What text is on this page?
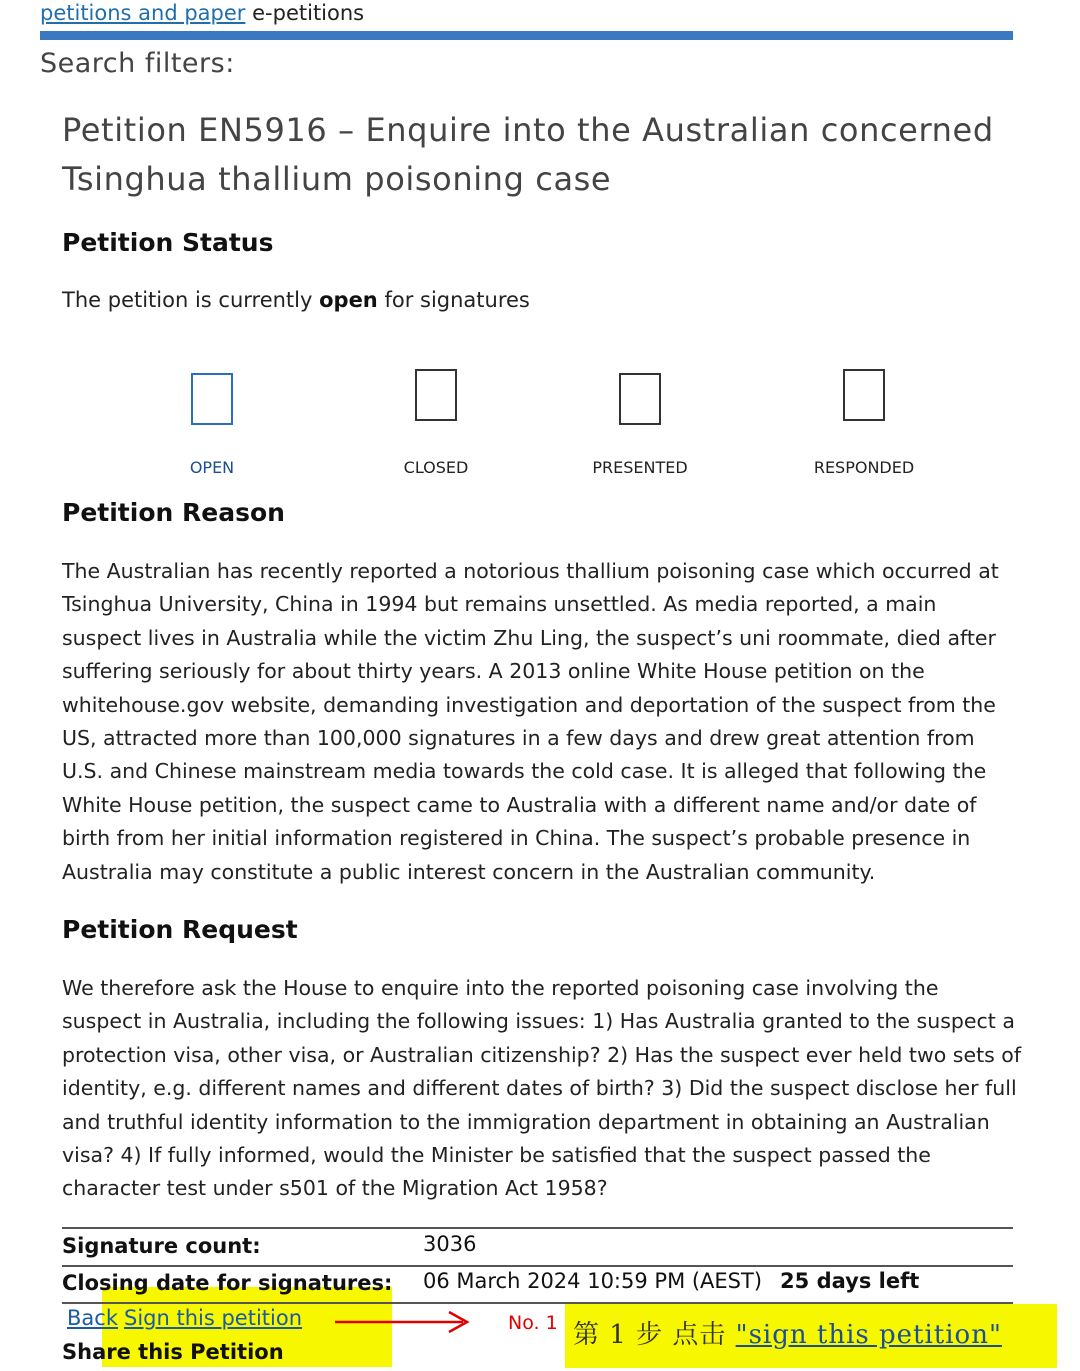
petitions and paper e-petitions
Search filters:
Petition EN5916 – Enquire into the Australian concerned Tsinghua thallium poisoning case
Petition Status
The petition is currently open for signatures
OPEN	CLOSED	PRESENTED	RESPONDED
Petition Reason
The Australian has recently reported a notorious thallium poisoning case which occurred at Tsinghua University, China in 1994 but remains unsettled. As media reported, a main suspect lives in Australia while the victim Zhu Ling, the suspect’s uni roommate, died after suffering seriously for about thirty years. A 2013 online White House petition on the whitehouse.gov website, demanding investigation and deportation of the suspect from the US, attracted more than 100,000 signatures in a few days and drew great attention from U.S. and Chinese mainstream media towards the cold case. It is alleged that following the White House petition, the suspect came to Australia with a different name and/or date of birth from her initial information registered in China. The suspect’s probable presence in Australia may constitute a public interest concern in the Australian community.
Petition Request
We therefore ask the House to enquire into the reported poisoning case involving the suspect in Australia, including the following issues: 1) Has Australia granted to the suspect a protection visa, other visa, or Australian citizenship? 2) Has the suspect ever held two sets of identity, e.g. different names and different dates of birth? 3) Did the suspect disclose her full and truthful identity information to the immigration department in obtaining an Australian visa? 4) If fully informed, would the Minister be satisfied that the suspect passed the character test under s501 of the Migration Act 1958?
Signature count:	3036
Closing date for signatures: 06 March 2024 10:59 PM (AEST) 25 days left
Back Sign this petition
Share this Petition
No. 1 第 1 步 点击 "sign this petition"
